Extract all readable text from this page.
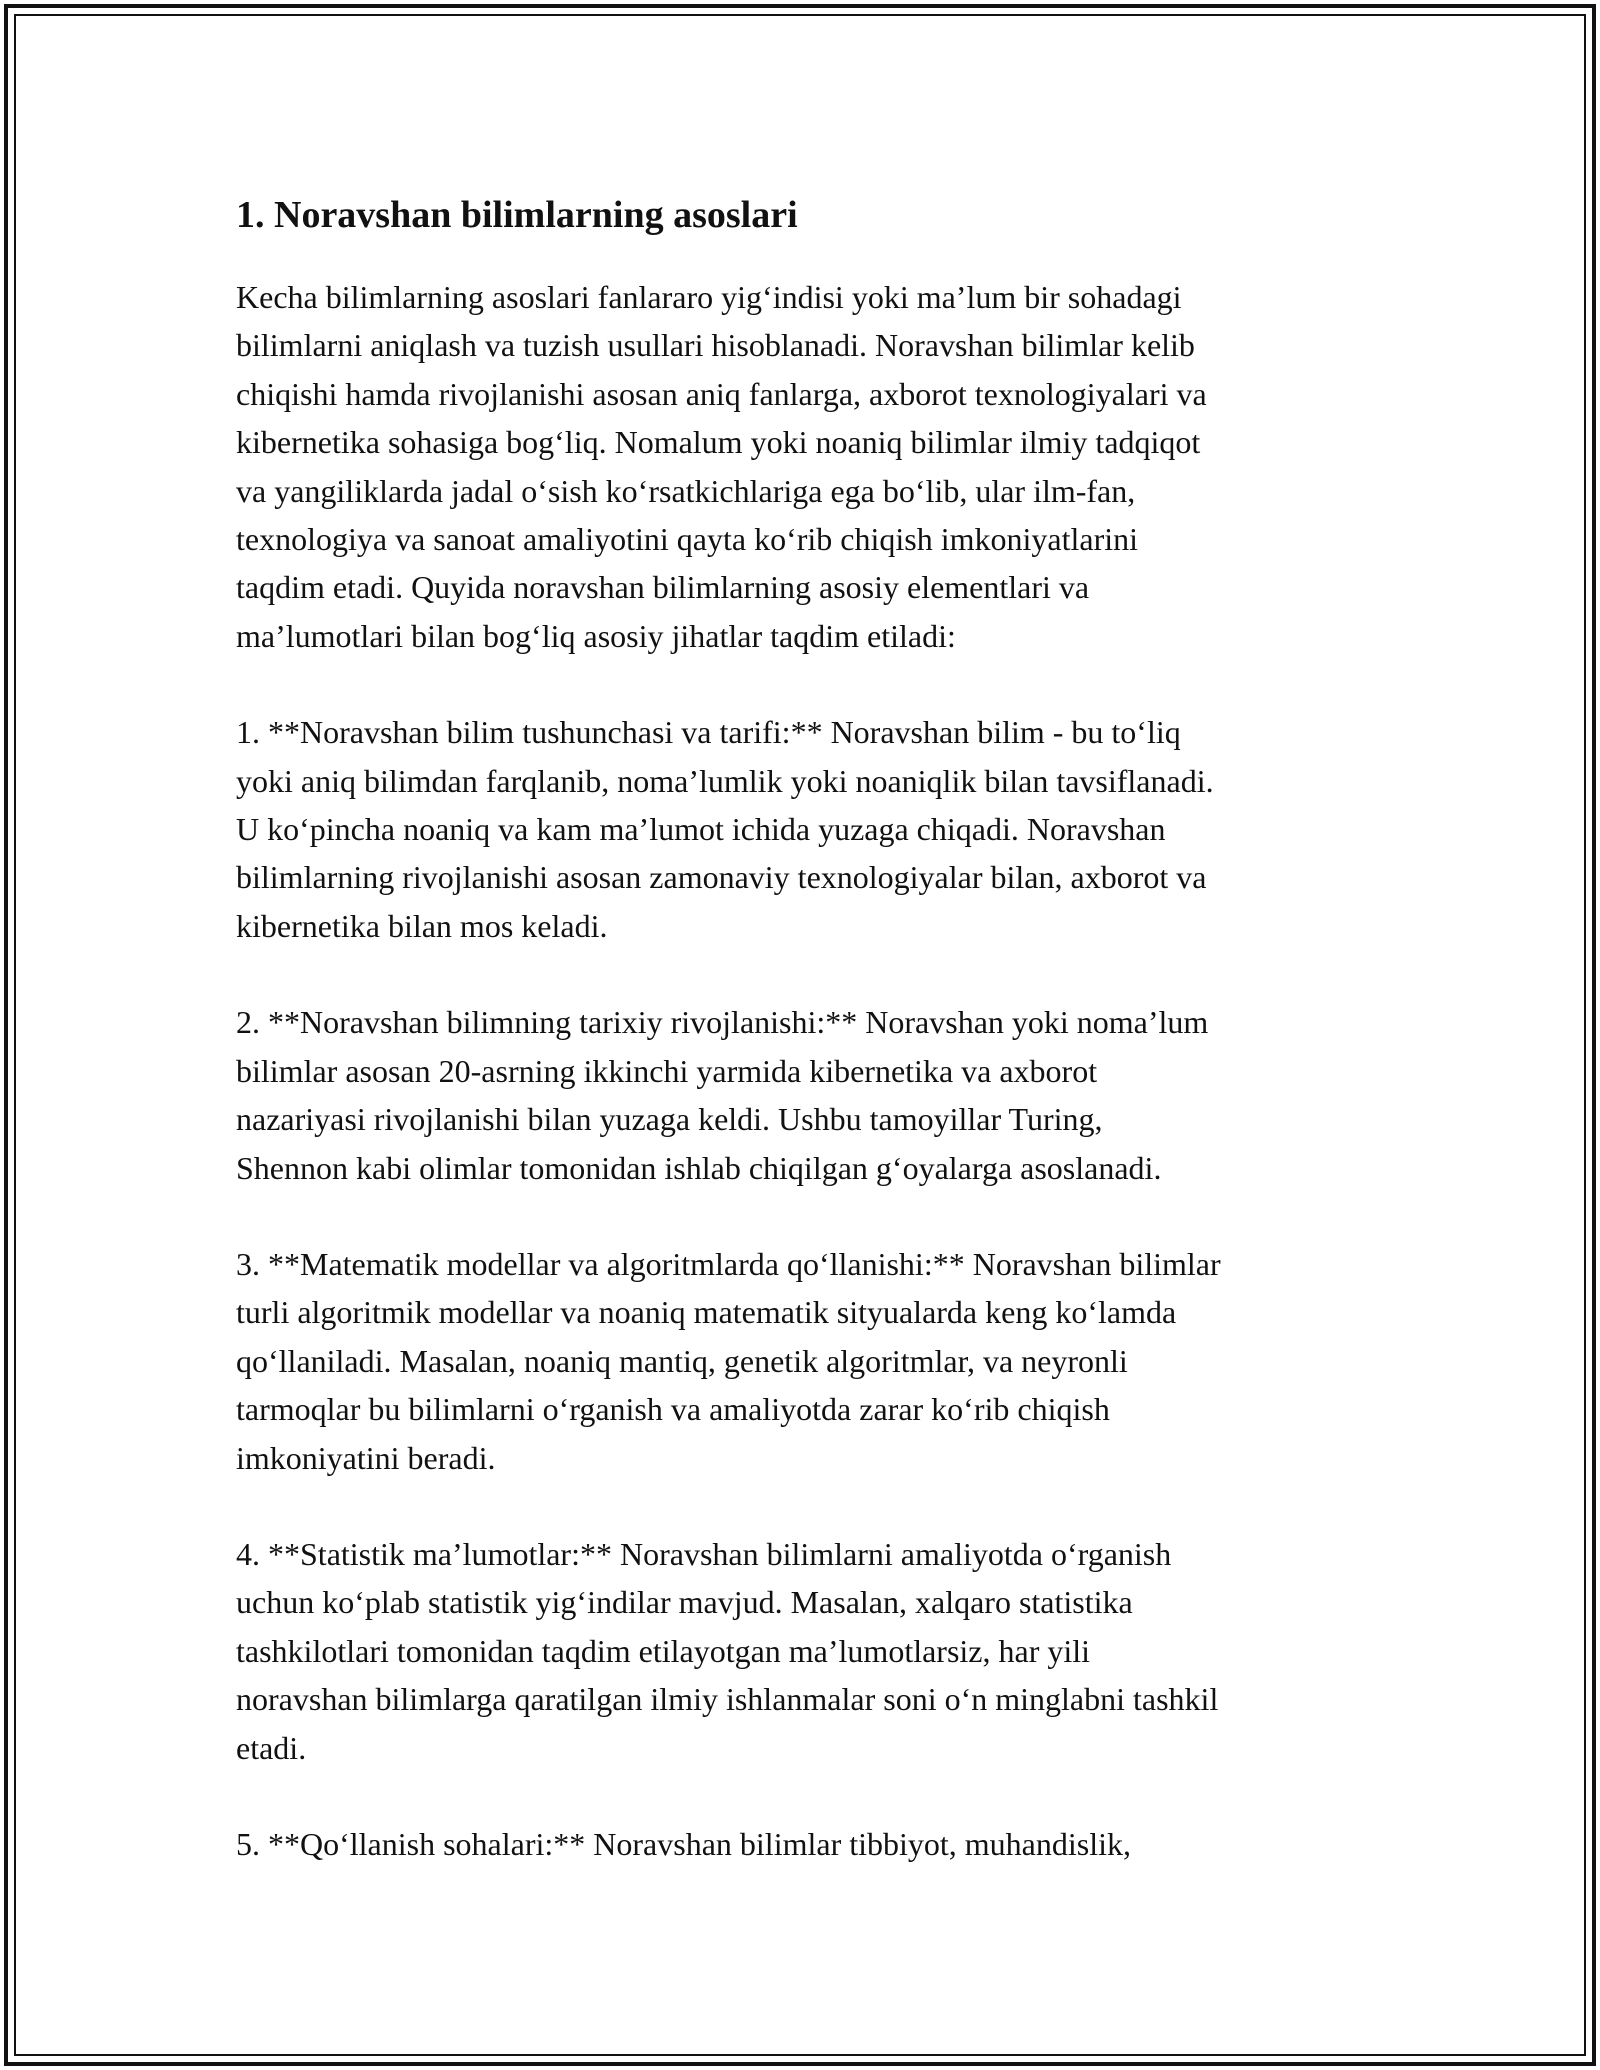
1. Noravshan bilimlarning asoslari

Kecha bilimlarning asoslari fanlararo yig‘indisi yoki ma’lum bir sohadagi
bilimlarni aniqlash va tuzish usullari hisoblanadi. Noravshan bilimlar kelib
chiqishi hamda rivojlanishi asosan aniq fanlarga, axborot texnologiyalari va
kibernetika sohasiga bog‘liq. Nomalum yoki noaniq bilimlar ilmiy tadqiqot
va yangiliklarda jadal o‘sish ko‘rsatkichlariga ega bo‘lib, ular ilm-fan,
texnologiya va sanoat amaliyotini qayta ko‘rib chiqish imkoniyatlarini
taqdim etadi. Quyida noravshan bilimlarning asosiy elementlari va
ma’lumotlari bilan bog‘liq asosiy jihatlar taqdim etiladi:

1. **Noravshan bilim tushunchasi va tarifi:** Noravshan bilim - bu to‘liq
yoki aniq bilimdan farqlanib, noma’lumlik yoki noaniqlik bilan tavsiflanadi.
U ko‘pincha noaniq va kam ma’lumot ichida yuzaga chiqadi. Noravshan
bilimlarning rivojlanishi asosan zamonaviy texnologiyalar bilan, axborot va
kibernetika bilan mos keladi.

2. **Noravshan bilimning tarixiy rivojlanishi:** Noravshan yoki noma’lum
bilimlar asosan 20-asrning ikkinchi yarmida kibernetika va axborot
nazariyasi rivojlanishi bilan yuzaga keldi. Ushbu tamoyillar Turing,
Shennon kabi olimlar tomonidan ishlab chiqilgan g‘oyalarga asoslanadi.

3. **Matematik modellar va algoritmlarda qo‘llanishi:** Noravshan bilimlar
turli algoritmik modellar va noaniq matematik sityualarda keng ko‘lamda
qo‘llaniladi. Masalan, noaniq mantiq, genetik algoritmlar, va neyronli
tarmoqlar bu bilimlarni o‘rganish va amaliyotda zarar ko‘rib chiqish
imkoniyatini beradi.

4. **Statistik ma’lumotlar:** Noravshan bilimlarni amaliyotda o‘rganish
uchun ko‘plab statistik yig‘indilar mavjud. Masalan, xalqaro statistika
tashkilotlari tomonidan taqdim etilayotgan ma’lumotlarsiz, har yili
noravshan bilimlarga qaratilgan ilmiy ishlanmalar soni o‘n minglabni tashkil
etadi.

5. **Qo‘llanish sohalari:** Noravshan bilimlar tibbiyot, muhandislik,
